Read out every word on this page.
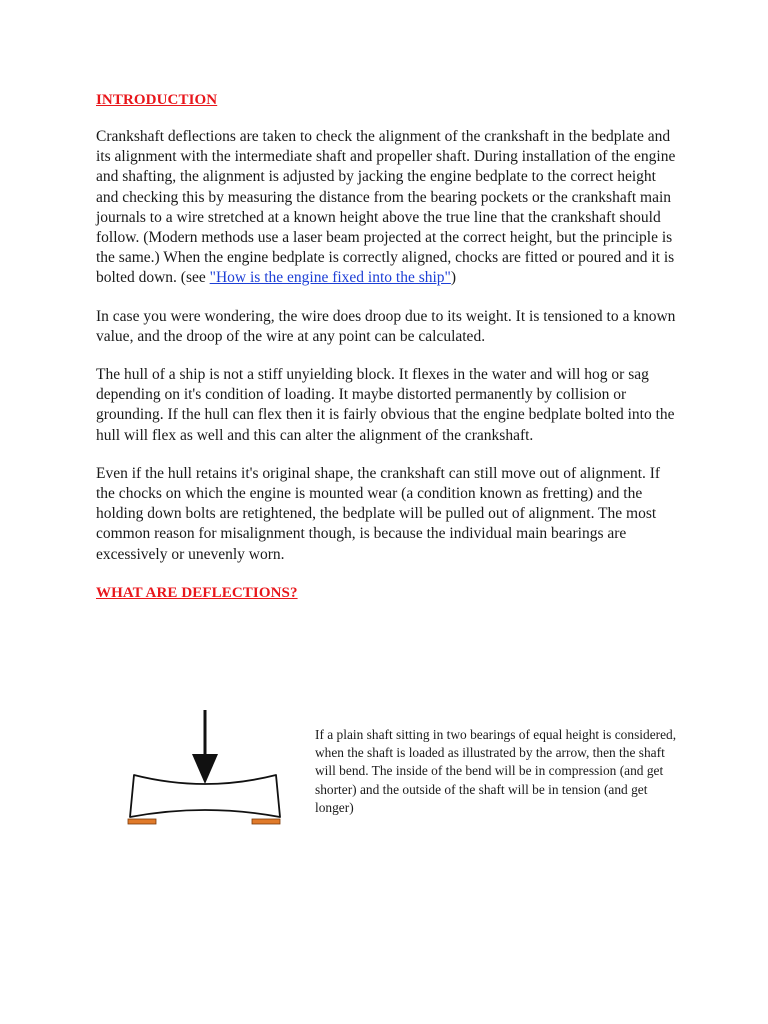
INTRODUCTION

Crankshaft deflections are taken to check the alignment of the crankshaft in the bedplate and its alignment with the intermediate shaft and propeller shaft. During installation of the engine and shafting, the alignment is adjusted by jacking the engine bedplate to the correct height and checking this by measuring the distance from the bearing pockets or the crankshaft main journals to a wire stretched at a known height above the true line that the crankshaft should follow. (Modern methods use a laser beam projected at the correct height, but the principle is the same.) When the engine bedplate is correctly aligned, chocks are fitted or poured and it is bolted down. (see "How is the engine fixed into the ship")

In case you were wondering, the wire does droop due to its weight. It is tensioned to a known value, and the droop of the wire at any point can be calculated.

The hull of a ship is not a stiff unyielding block. It flexes in the water and will hog or sag depending on it's condition of loading. It maybe distorted permanently by collision or grounding. If the hull can flex then it is fairly obvious that the engine bedplate bolted into the hull will flex as well and this can alter the alignment of the crankshaft.

Even if the hull retains it's original shape, the crankshaft can still move out of alignment. If the chocks on which the engine is mounted wear (a condition known as fretting) and the holding down bolts are retightened, the bedplate will be pulled out of alignment. The most common reason for misalignment though, is because the individual main bearings are excessively or unevenly worn.

WHAT ARE DEFLECTIONS?

If a plain shaft sitting in two bearings of equal height is considered, when the shaft is loaded as illustrated by the arrow, then the shaft will bend. The inside of the bend will be in compression (and get shorter) and the outside of the shaft will be in tension (and get longer)
